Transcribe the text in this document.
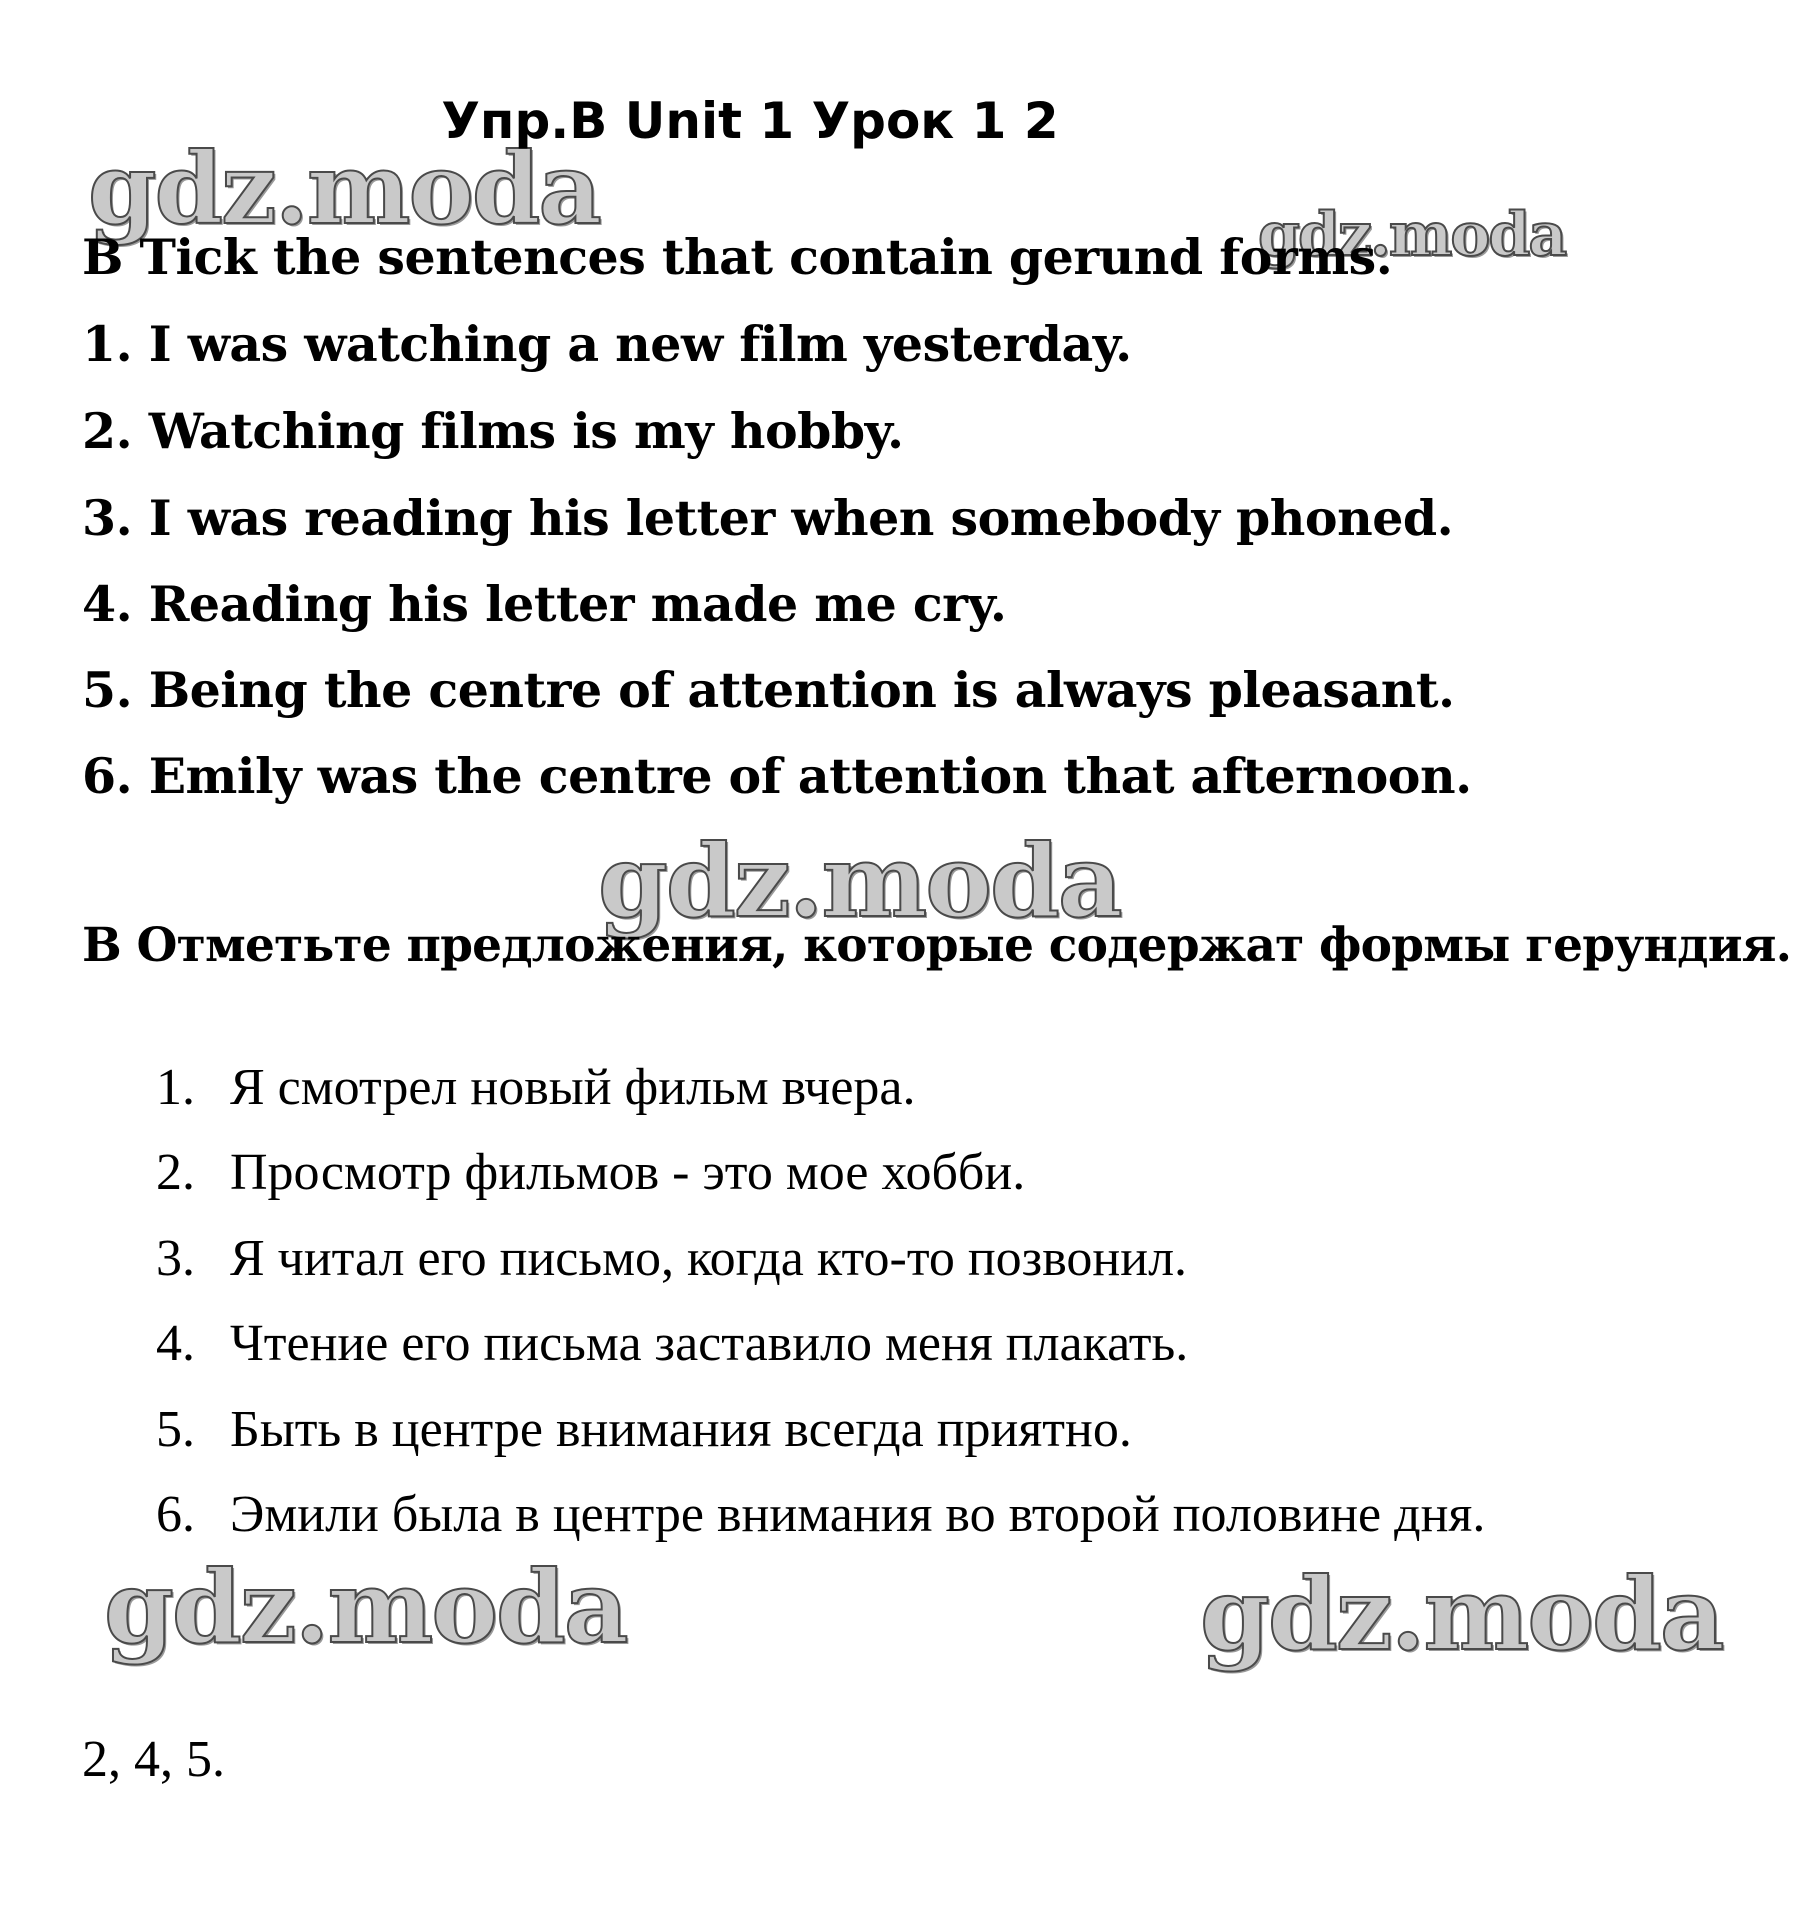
gdz.moda	gdz.moda
gdz.moda
gdz.moda	gdz.moda
Упр.B Unit 1 Урок 1 2
B Tick the sentences that contain gerund forms.
1. I was watching a new film yesterday.
2. Watching films is my hobby.
3. I was reading his letter when somebody phoned.
4. Reading his letter made me cry.
5. Being the centre of attention is always pleasant.
6. Emily was the centre of attention that afternoon.
B Отметьте предложения, которые содержат формы герундия.
1. Я смотрел новый фильм вчера.
2. Просмотр фильмов - это мое хобби.
3. Я читал его письмо, когда кто-то позвонил.
4. Чтение его письма заставило меня плакать.
5. Быть в центре внимания всегда приятно.
6. Эмили была в центре внимания во второй половине дня.
2, 4, 5.
